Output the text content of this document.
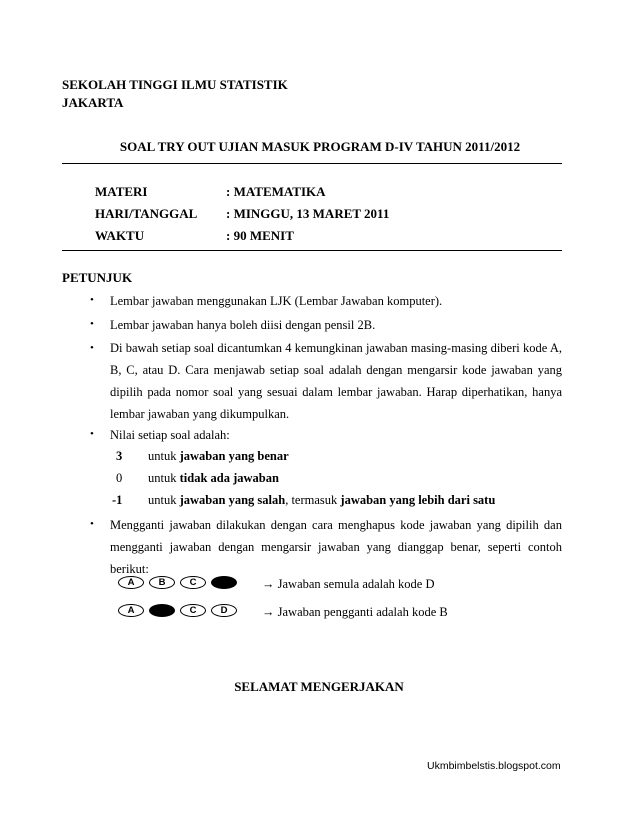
SEKOLAH TINGGI ILMU STATISTIK
JAKARTA
SOAL TRY OUT UJIAN MASUK PROGRAM D-IV TAHUN 2011/2012
MATERI	: MATEMATIKA
HARI/TANGGAL : MINGGU, 13 MARET 2011
WAKTU	: 90 MENIT
PETUNJUK
• Lembar jawaban menggunakan LJK (Lembar Jawaban komputer).
• Lembar jawaban hanya boleh diisi dengan pensil 2B.
• Di bawah setiap soal dicantumkan 4 kemungkinan jawaban masing-masing diberi kode A, B, C, atau D. Cara menjawab setiap soal adalah dengan mengarsir kode jawaban yang dipilih pada nomor soal yang sesuai dalam lembar jawaban. Harap diperhatikan, hanya lembar jawaban yang dikumpulkan.
• Nilai setiap soal adalah:
3 untuk jawaban yang benar
0 untuk tidak ada jawaban
-1 untuk jawaban yang salah, termasuk jawaban yang lebih dari satu
• Mengganti jawaban dilakukan dengan cara menghapus kode jawaban yang dipilih dan mengganti jawaban dengan mengarsir jawaban yang dianggap benar, seperti contoh berikut:
A	B	C	D	→ Jawaban semula adalah kode D
A	B	C	D	→ Jawaban pengganti adalah kode B
SELAMAT MENGERJAKAN
Ukmbimbelstis.blogspot.com
